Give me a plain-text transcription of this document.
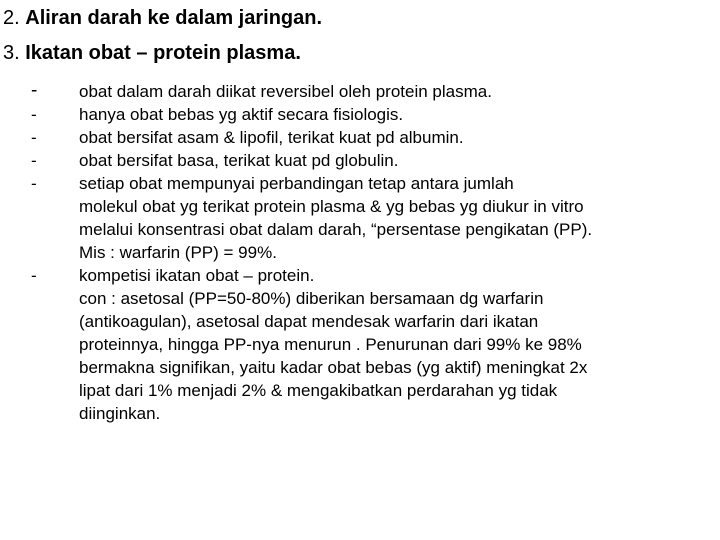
2. Aliran darah ke dalam jaringan.
3. Ikatan obat – protein plasma.
- obat dalam darah diikat reversibel oleh protein plasma.
- hanya obat bebas yg aktif secara fisiologis.
- obat bersifat asam & lipofil, terikat kuat pd albumin.
- obat bersifat basa, terikat kuat pd globulin.
- setiap obat mempunyai perbandingan tetap antara jumlah
molekul obat yg terikat protein plasma & yg bebas yg diukur in vitro
melalui konsentrasi obat dalam darah, “persentase pengikatan (PP).
Mis : warfarin (PP) = 99%.
- kompetisi ikatan obat – protein.
con : asetosal (PP=50-80%) diberikan bersamaan dg warfarin
(antikoagulan), asetosal dapat mendesak warfarin dari ikatan
proteinnya, hingga PP-nya menurun . Penurunan dari 99% ke 98%
bermakna signifikan, yaitu kadar obat bebas (yg aktif) meningkat 2x
lipat dari 1% menjadi 2% & mengakibatkan perdarahan yg tidak
diinginkan.
